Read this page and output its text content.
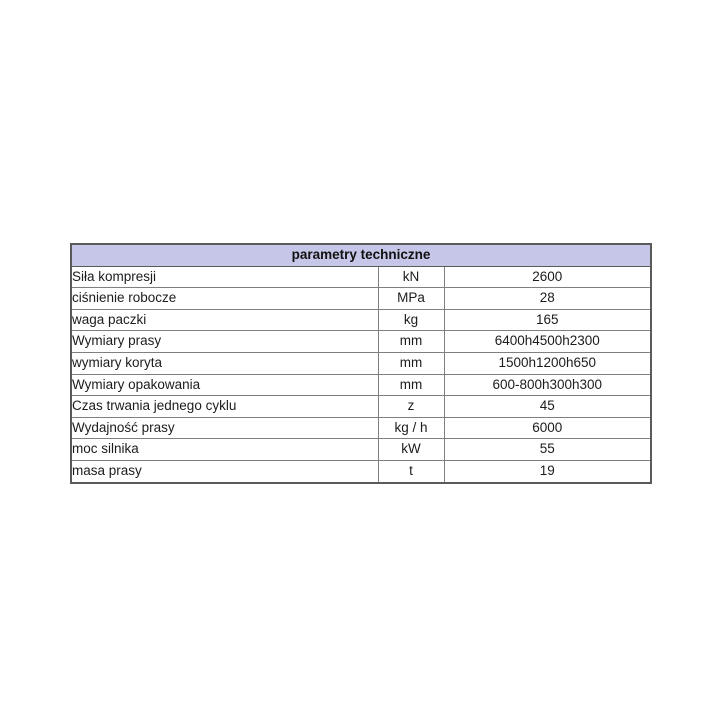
parametry techniczne		
Siła kompresji	kN	2600
ciśnienie robocze	MPa	28
waga paczki	kg	165
Wymiary prasy	mm	6400h4500h2300
wymiary koryta	mm	1500h1200h650
Wymiary opakowania	mm	600-800h300h300
Czas trwania jednego cyklu	z	45
Wydajność prasy	kg / h	6000
moc silnika	kW	55
masa prasy	t	19
